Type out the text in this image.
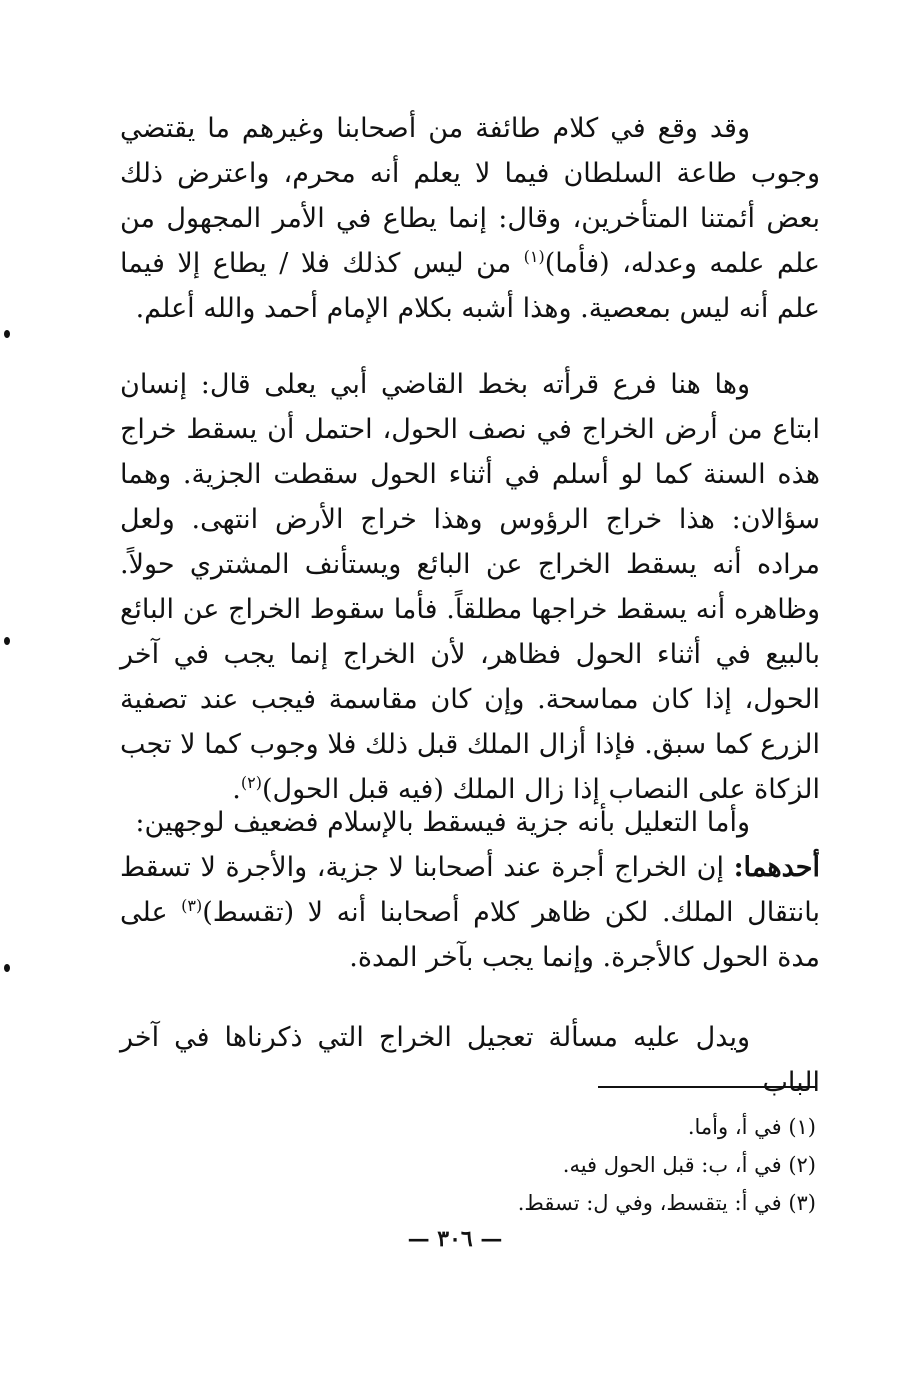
وقد وقع في كلام طائفة من أصحابنا وغيرهم ما يقتضي وجوب طاعة السلطان فيما لا يعلم أنه محرم، واعترض ذلك بعض أئمتنا المتأخرين، وقال: إنما يطاع في الأمر المجهول من علم علمه وعدله، (فأما)$^{(١)}$ من ليس كذلك فلا / يطاع إلا فيما علم أنه ليس بمعصية. وهذا أشبه بكلام الإمام أحمد والله أعلم.

وها هنا فرع قرأته بخط القاضي أبي يعلى قال: إنسان ابتاع من أرض الخراج في نصف الحول، احتمل أن يسقط خراج هذه السنة كما لو أسلم في أثناء الحول سقطت الجزية. وهما سؤالان: هذا خراج الرؤوس وهذا خراج الأرض انتهى. ولعل مراده أنه يسقط الخراج عن البائع ويستأنف المشتري حولاً. وظاهره أنه يسقط خراجها مطلقاً. فأما سقوط الخراج عن البائع بالبيع في أثناء الحول فظاهر، لأن الخراج إنما يجب في آخر الحول، إذا كان مماسحة. وإن كان مقاسمة فيجب عند تصفية الزرع كما سبق. فإذا أزال الملك قبل ذلك فلا وجوب كما لا تجب الزكاة على النصاب إذا زال الملك (فيه قبل الحول)$^{(٢)}$.

وأما التعليل بأنه جزية فيسقط بالإسلام فضعيف لوجهين:
أحدهما: إن الخراج أجرة عند أصحابنا لا جزية، والأجرة لا تسقط بانتقال الملك. لكن ظاهر كلام أصحابنا أنه لا (تقسط)$^{(٣)}$ على مدة الحول كالأجرة. وإنما يجب بآخر المدة.

ويدل عليه مسألة تعجيل الخراج التي ذكرناها في آخر الباب

(١) في أ، وأما.
(٢) في أ، ب: قبل الحول فيه.
(٣) في أ: يتقسط، وفي ل: تسقط.
— ٣٠٦ —
